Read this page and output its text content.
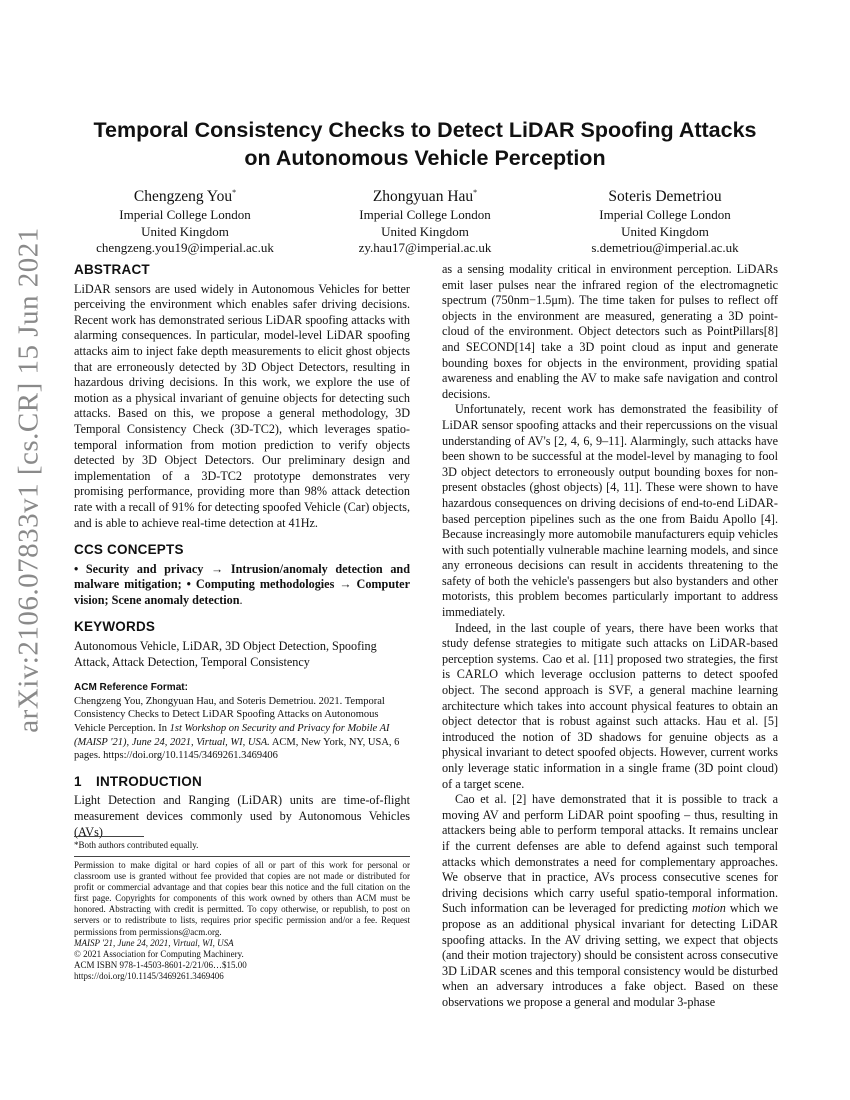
arXiv:2106.07833v1 [cs.CR] 15 Jun 2021
Temporal Consistency Checks to Detect LiDAR Spoofing Attacks
on Autonomous Vehicle Perception
Chengzeng You*
Imperial College London
United Kingdom
chengzeng.you19@imperial.ac.uk
Zhongyuan Hau*
Imperial College London
United Kingdom
zy.hau17@imperial.ac.uk
Soteris Demetriou
Imperial College London
United Kingdom
s.demetriou@imperial.ac.uk
ABSTRACT

LiDAR sensors are used widely in Autonomous Vehicles for better perceiving the environment which enables safer driving decisions. Recent work has demonstrated serious LiDAR spoofing attacks with alarming consequences. In particular, model-level LiDAR spoofing attacks aim to inject fake depth measurements to elicit ghost objects that are erroneously detected by 3D Object Detectors, resulting in hazardous driving decisions. In this work, we explore the use of motion as a physical invariant of genuine objects for detecting such attacks. Based on this, we propose a general methodology, 3D Temporal Consistency Check (3D-TC2), which leverages spatio-temporal information from motion prediction to verify objects detected by 3D Object Detectors. Our preliminary design and implementation of a 3D-TC2 prototype demonstrates very promising performance, providing more than 98% attack detection rate with a recall of 91% for detecting spoofed Vehicle (Car) objects, and is able to achieve real-time detection at 41Hz.

CCS CONCEPTS

• Security and privacy → Intrusion/anomaly detection and malware mitigation; • Computing methodologies → Computer vision; Scene anomaly detection.

KEYWORDS

Autonomous Vehicle, LiDAR, 3D Object Detection, Spoofing Attack, Attack Detection, Temporal Consistency

ACM Reference Format:

Chengzeng You, Zhongyuan Hau, and Soteris Demetriou. 2021. Temporal Consistency Checks to Detect LiDAR Spoofing Attacks on Autonomous Vehicle Perception. In 1st Workshop on Security and Privacy for Mobile AI (MAISP '21), June 24, 2021, Virtual, WI, USA. ACM, New York, NY, USA, 6 pages. https://doi.org/10.1145/3469261.3469406

1 INTRODUCTION

Light Detection and Ranging (LiDAR) units are time-of-flight measurement devices commonly used by Autonomous Vehicles (AVs)

*Both authors contributed equally.

Permission to make digital or hard copies of all or part of this work for personal or classroom use is granted without fee provided that copies are not made or distributed for profit or commercial advantage and that copies bear this notice and the full citation on the first page. Copyrights for components of this work owned by others than ACM must be honored. Abstracting with credit is permitted. To copy otherwise, or republish, to post on servers or to redistribute to lists, requires prior specific permission and/or a fee. Request permissions from permissions@acm.org.

MAISP '21, June 24, 2021, Virtual, WI, USA

© 2021 Association for Computing Machinery.

ACM ISBN 978-1-4503-8601-2/21/06…$15.00

https://doi.org/10.1145/3469261.3469406

as a sensing modality critical in environment perception. LiDARs emit laser pulses near the infrared region of the electromagnetic spectrum (750nm−1.5μm). The time taken for pulses to reflect off objects in the environment are measured, generating a 3D point-cloud of the environment. Object detectors such as PointPillars[8] and SECOND[14] take a 3D point cloud as input and generate bounding boxes for objects in the environment, providing spatial awareness and enabling the AV to make safe navigation and control decisions.

Unfortunately, recent work has demonstrated the feasibility of LiDAR sensor spoofing attacks and their repercussions on the visual understanding of AV's [2, 4, 6, 9–11]. Alarmingly, such attacks have been shown to be successful at the model-level by managing to fool 3D object detectors to erroneously output bounding boxes for non-present obstacles (ghost objects) [4, 11]. These were shown to have hazardous consequences on driving decisions of end-to-end LiDAR-based perception pipelines such as the one from Baidu Apollo [4]. Because increasingly more automobile manufacturers equip vehicles with such potentially vulnerable machine learning models, and since any erroneous decisions can result in accidents threatening to the safety of both the vehicle's passengers but also bystanders and other motorists, this problem becomes particularly important to address immediately.

Indeed, in the last couple of years, there have been works that study defense strategies to mitigate such attacks on LiDAR-based perception systems. Cao et al. [11] proposed two strategies, the first is CARLO which leverage occlusion patterns to detect spoofed object. The second approach is SVF, a general machine learning architecture which takes into account physical features to obtain an object detector that is robust against such attacks. Hau et al. [5] introduced the notion of 3D shadows for genuine objects as a physical invariant to detect spoofed objects. However, current works only leverage static information in a single frame (3D point cloud) of a target scene.

Cao et al. [2] have demonstrated that it is possible to track a moving AV and perform LiDAR point spoofing – thus, resulting in attackers being able to perform temporal attacks. It remains unclear if the current defenses are able to defend against such temporal attacks which demonstrates a need for complementary approaches. We observe that in practice, AVs process consecutive scenes for driving decisions which carry useful spatio-temporal information. Such information can be leveraged for predicting motion which we propose as an additional physical invariant for detecting LiDAR spoofing attacks. In the AV driving setting, we expect that objects (and their motion trajectory) should be consistent across consecutive 3D LiDAR scenes and this temporal consistency would be disturbed when an adversary introduces a fake object. Based on these observations we propose a general and modular 3-phase
